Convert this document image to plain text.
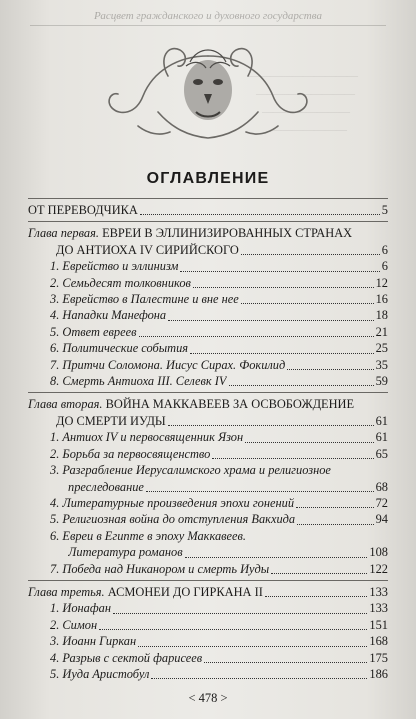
——————————
—————————
————————
———————
Расцвет гражданского и духовного государства
ОГЛАВЛЕНИЕ
ОТ ПЕРЕВОДЧИКА	5
Глава первая. ЕВРЕИ В ЭЛЛИНИЗИРОВАННЫХ СТРАНАХ
ДО АНТИОХА IV СИРИЙСКОГО	6
1. Еврейство и эллинизм	6
2. Семьдесят толковников	12
3. Еврейство в Палестине и вне нее	16
4. Нападки Манефона	18
5. Ответ евреев	21
6. Политические события	25
7. Притчи Соломона. Иисус Сирах. Фокилид	35
8. Смерть Антиоха III. Селевк IV	59
Глава вторая. ВОЙНА МАККАВЕЕВ ЗА ОСВОБОЖДЕНИЕ
ДО СМЕРТИ ИУДЫ	61
1. Антиох IV и первосвященник Язон	61
2. Борьба за первосвященство	65
3. Разграбление Иерусалимского храма и религиозное
преследование	68
4. Литературные произведения эпохи гонений	72
5. Религиозная война до отступления Вакхида	94
6. Евреи в Египте в эпоху Маккавеев.
Литература романов	108
7. Победа над Никанором и смерть Иуды	122
Глава третья. АСМОНЕИ ДО ГИРКАНА II	133
1. Ионафан	133
2. Симон	151
3. Иоанн Гиркан	168
4. Разрыв с сектой фарисеев	175
5. Иуда Аристобул	186
< 478 >
